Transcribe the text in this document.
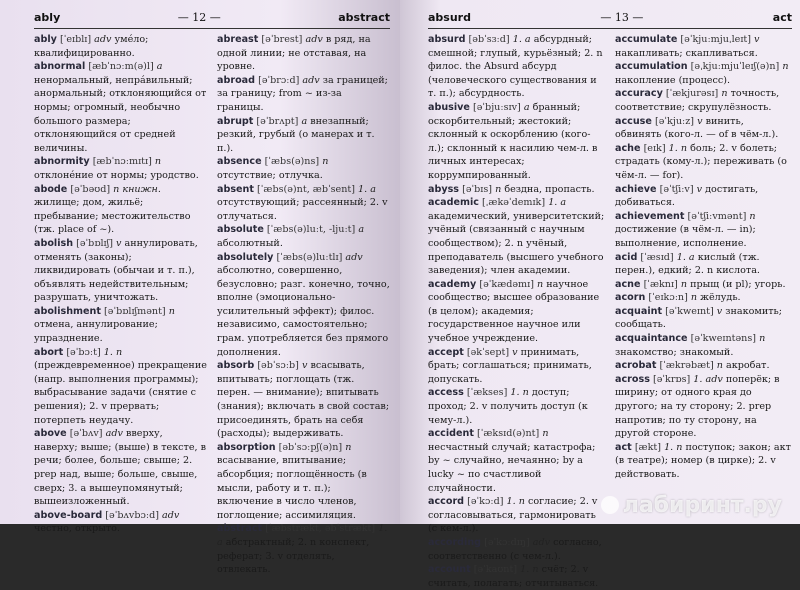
ably	— 12 —	abstract
ably [ˈeɪblɪ] adv умéло; квалифицированно.
abnormal [æbˈnɔːm(ə)l] a ненормальный, непрáвильный; анормальный; отклоняющийся от нормы; огромный, необычно большого размера; отклоняющийся от средней величины.
abnormity [æbˈnɔːmɪtɪ] n отклонéние от нормы; уродство.
abode [əˈbəʊd] n книжн. жилище; дом, жильё; пребывание; местожительство (тж. place of ~).
abolish [əˈbɒlɪʃ] v аннулировать, отменять (законы); ликвидировать (обычаи и т. п.), объявлять недействительным; разрушать, уничтожать.
abolishment [əˈbɒlɪʃmənt] n отмена, аннулирование; упразднение.
abort [əˈbɔːt] 1. n (преждевременное) прекращение (напр. выполнения программы); выбрасывание задачи (снятие с решения); 2. v прервать; потерпеть неудачу.
above [əˈbʌv] adv вверху, наверху; выше; (выше) в тексте, в речи; более, больше; свыше; 2. prep над, выше; больше, свыше, сверх; 3. a вышеупомянутый; вышеизложенный.
above-board [əˈbʌvbɔːd] adv честно, открыто.
abreast [əˈbrest] adv в ряд, на одной линии; не отставая, на уровне.
abroad [əˈbrɔːd] adv за границей; за границу; from ~ из-за границы.
abrupt [əˈbrʌpt] a внезапный; резкий, грубый (о манерах и т. п.).
absence [ˈæbs(ə)ns] n отсутствие; отлучка.
absent [ˈæbs(ə)nt, æbˈsent] 1. a отсутствующий; рассеянный; 2. v отлучаться.
absolute [ˈæbs(ə)luːt, -ljuːt] a абсолютный.
absolutely [ˈæbs(ə)luːtlɪ] adv абсолютно, совершенно, безусловно; разг. конечно, точно, вполне (эмоционально-усилительный эффект); филос. независимо, самостоятельно; грам. употребляется без прямого дополнения.
absorb [əbˈsɔːb] v всасывать, впитывать; поглощать (тж. перен. — внимание); впитывать (знания); включать в свой состав; присоединять, брать на себя (расходы); выдерживать.
absorption [əbˈsɔːpʃ(ə)n] n всасывание, впитывание; абсорбция; поглощённость (в мысли, работу и т. п.); включение в число членов, поглощение; ассимиляция.
abstract [ˈæbstrækt, əbˈstrækt] 1. a абстрактный; 2. n конспект, реферат; 3. v отделять, отвлекать.
absurd	— 13 —	act
absurd [əbˈsɜːd] 1. a абсурдный; смешной; глупый, курьёзный; 2. n филос. the Absurd абсурд (человеческого существования и т. п.); абсурдность.
abusive [əˈbjuːsɪv] a бранный; оскорбительный; жестокий; склонный к оскорблению (кого-л.); склонный к насилию чем-л. в личных интересах; коррумпированный.
abyss [əˈbɪs] n бездна, пропасть.
academic [ˌækəˈdemɪk] 1. a академический, университетский; учёный (связанный с научным сообществом); 2. n учёный, преподаватель (высшего учебного заведения); член академии.
academy [əˈkædəmɪ] n научное сообщество; высшее образование (в целом); академия; государственное научное или учебное учреждение.
accept [əkˈsept] v принимать, брать; соглашаться; принимать, допускать.
access [ˈækses] 1. n доступ; проход; 2. v получить доступ (к чему-л.).
accident [ˈæksɪd(ə)nt] n несчастный случай; катастрофа; by ~ случайно, нечаянно; by a lucky ~ по счастливой случайности.
accord [əˈkɔːd] 1. n согласие; 2. v согласовываться, гармонировать (с кем-л.).
according [əˈkɔːdɪŋ] adv согласно, соответственно (с чем-л.).
account [əˈkaʊnt] 1. n счёт; 2. v считать, полагать; отчитываться.
accumulate [əˈkjuːmjuˌleɪt] v накапливать; скапливаться.
accumulation [əˌkjuːmjuˈleɪʃ(ə)n] n накопление (процесс).
accuracy [ˈækjurəsɪ] n точность, соответствие; скрупулёзность.
accuse [əˈkjuːz] v винить, обвинять (кого-л. — of в чём-л.).
ache [eɪk] 1. n боль; 2. v болеть; страдать (комy-л.); переживать (о чём-л. — for).
achieve [əˈtʃiːv] v достигать, добиваться.
achievement [əˈtʃiːvmənt] n достижение (в чём-л. — in); выполнение, исполнение.
acid [ˈæsɪd] 1. a кислый (тж. перен.), едкий; 2. n кислота.
acne [ˈæknɪ] n прыщ (и pl); угорь.
acorn [ˈeɪkɔːn] n жёлудь.
acquaint [əˈkweɪnt] v знакомить; сообщать.
acquaintance [əˈkweɪntəns] n знакомство; знакомый.
acrobat [ˈækrəbæt] n акробат.
across [əˈkrɒs] 1. adv поперёк; в ширину; от одного края до другого; на ту сторону; 2. prep напротив; по ту сторону, на другой стороне.
act [ækt] 1. n поступок; закон; акт (в театре); номер (в цирке); 2. v действовать.
лабиринт.ру
